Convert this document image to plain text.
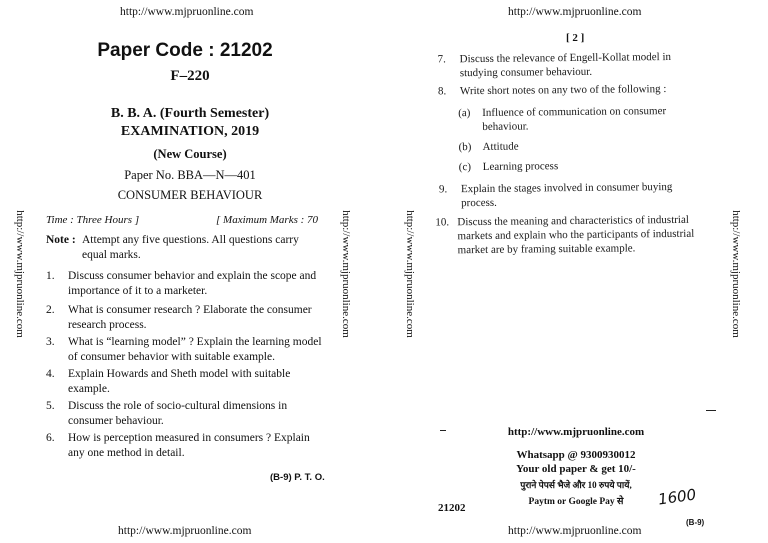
http://www.mjpruonline.com	http://www.mjpruonline.com
http://www.mjpruonline.com	http://www.mjpruonline.com
http://www.mjpruonline.com	http://www.mjpruonline.com	http://www.mjpruonline.com	http://www.mjpruonline.com
Paper Code : 21202
F–220
B. B. A. (Fourth Semester)
EXAMINATION, 2019
(New Course)
Paper No. BBA—N—401
CONSUMER BEHAVIOUR
Time : Three Hours ]	[ Maximum Marks : 70
Note : Attempt any five questions. All questions carry
equal marks.
1.	Discuss consumer behavior and explain the scope and
importance of it to a marketer.
2.	What is consumer research ? Elaborate the consumer
research process.
3.	What is “learning model” ? Explain the learning model
of consumer behavior with suitable example.
4.	Explain Howards and Sheth model with suitable
example.
5.	Discuss the role of socio-cultural dimensions in
consumer behaviour.
6.	How is perception measured in consumers ? Explain
any one method in detail.
(B-9) P. T. O.
[ 2 ]
7.	Discuss the relevance of Engell-Kollat model in
studying consumer behaviour.
8.	Write short notes on any two of the following :
(a)	Influence of communication on consumer
behaviour.
(b)	Attitude
(c)	Learning process
9.	Explain the stages involved in consumer buying
process.
10. Discuss the meaning and characteristics of industrial
markets and explain who the participants of industrial
market are by framing suitable example.
http://www.mjpruonline.com
Whatsapp @ 9300930012
Your old paper & get 10/-
पुराने पेपर्स भैजे और 10 रुपये पायें,
Paytm or Google Pay से	1600
21202
(B-9)
